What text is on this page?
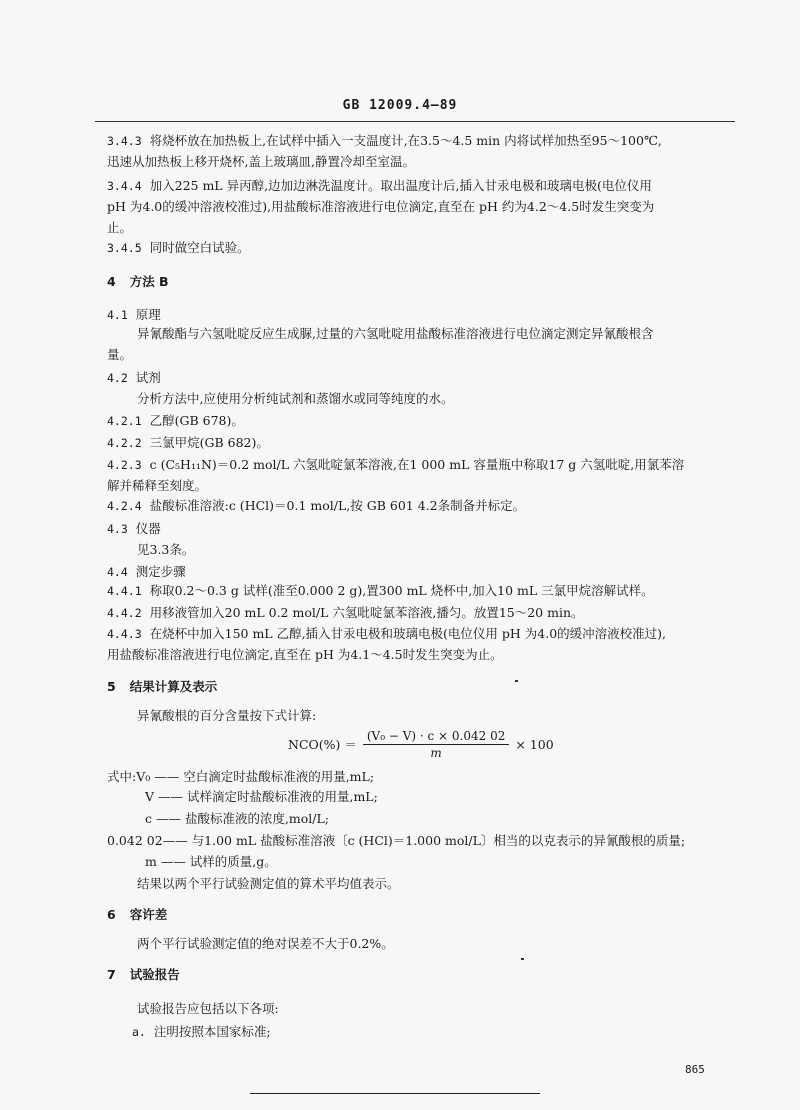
GB 12009.4—89
3.4.3 将烧杯放在加热板上,在试样中插入一支温度计,在3.5～4.5 min 内将试样加热至95～100℃,
迅速从加热板上移开烧杯,盖上玻璃皿,静置冷却至室温。
3.4.4 加入225 mL 异丙醇,边加边淋洗温度计。取出温度计后,插入甘汞电极和玻璃电极(电位仪用
pH 为4.0的缓冲溶液校准过),用盐酸标准溶液进行电位滴定,直至在 pH 约为4.2～4.5时发生突变为
止。
3.4.5 同时做空白试验。
4 方法 B
4.1 原理
异氰酸酯与六氢吡啶反应生成脲,过量的六氢吡啶用盐酸标准溶液进行电位滴定测定异氰酸根含
量。
4.2 试剂
分析方法中,应使用分析纯试剂和蒸馏水或同等纯度的水。
4.2.1 乙醇(GB 678)。
4.2.2 三氯甲烷(GB 682)。
4.2.3 c (C₅H₁₁N)＝0.2 mol/L 六氢吡啶氯苯溶液,在1 000 mL 容量瓶中称取17 g 六氢吡啶,用氯苯溶
解并稀释至刻度。
4.2.4 盐酸标准溶液:c (HCl)＝0.1 mol/L,按 GB 601 4.2条制备并标定。
4.3 仪器
见3.3条。
4.4 测定步骤
4.4.1 称取0.2～0.3 g 试样(准至0.000 2 g),置300 mL 烧杯中,加入10 mL 三氯甲烷溶解试样。
4.4.2 用移液管加入20 mL 0.2 mol/L 六氢吡啶氯苯溶液,播匀。放置15～20 min。
4.4.3 在烧杯中加入150 mL 乙醇,插入甘汞电极和玻璃电极(电位仪用 pH 为4.0的缓冲溶液校准过),
用盐酸标准溶液进行电位滴定,直至在 pH 为4.1～4.5时发生突变为止。
5 结果计算及表示
异氰酸根的百分含量按下式计算:
式中:V₀ —— 空白滴定时盐酸标准液的用量,mL;
V —— 试样滴定时盐酸标准液的用量,mL;
c —— 盐酸标准液的浓度,mol/L;
0.042 02—— 与1.00 mL 盐酸标准溶液〔c (HCl)＝1.000 mol/L〕相当的以克表示的异氰酸根的质量;
m —— 试样的质量,g。
结果以两个平行试验测定值的算术平均值表示。
6 容许差
两个平行试验测定值的绝对误差不大于0.2%。
7 试验报告
试验报告应包括以下各项:
a. 注明按照本国家标准;
$NCO(\%) = \frac{\text{(V₀ − V) · c × 0.042 02}}{m} \times 100$
865
